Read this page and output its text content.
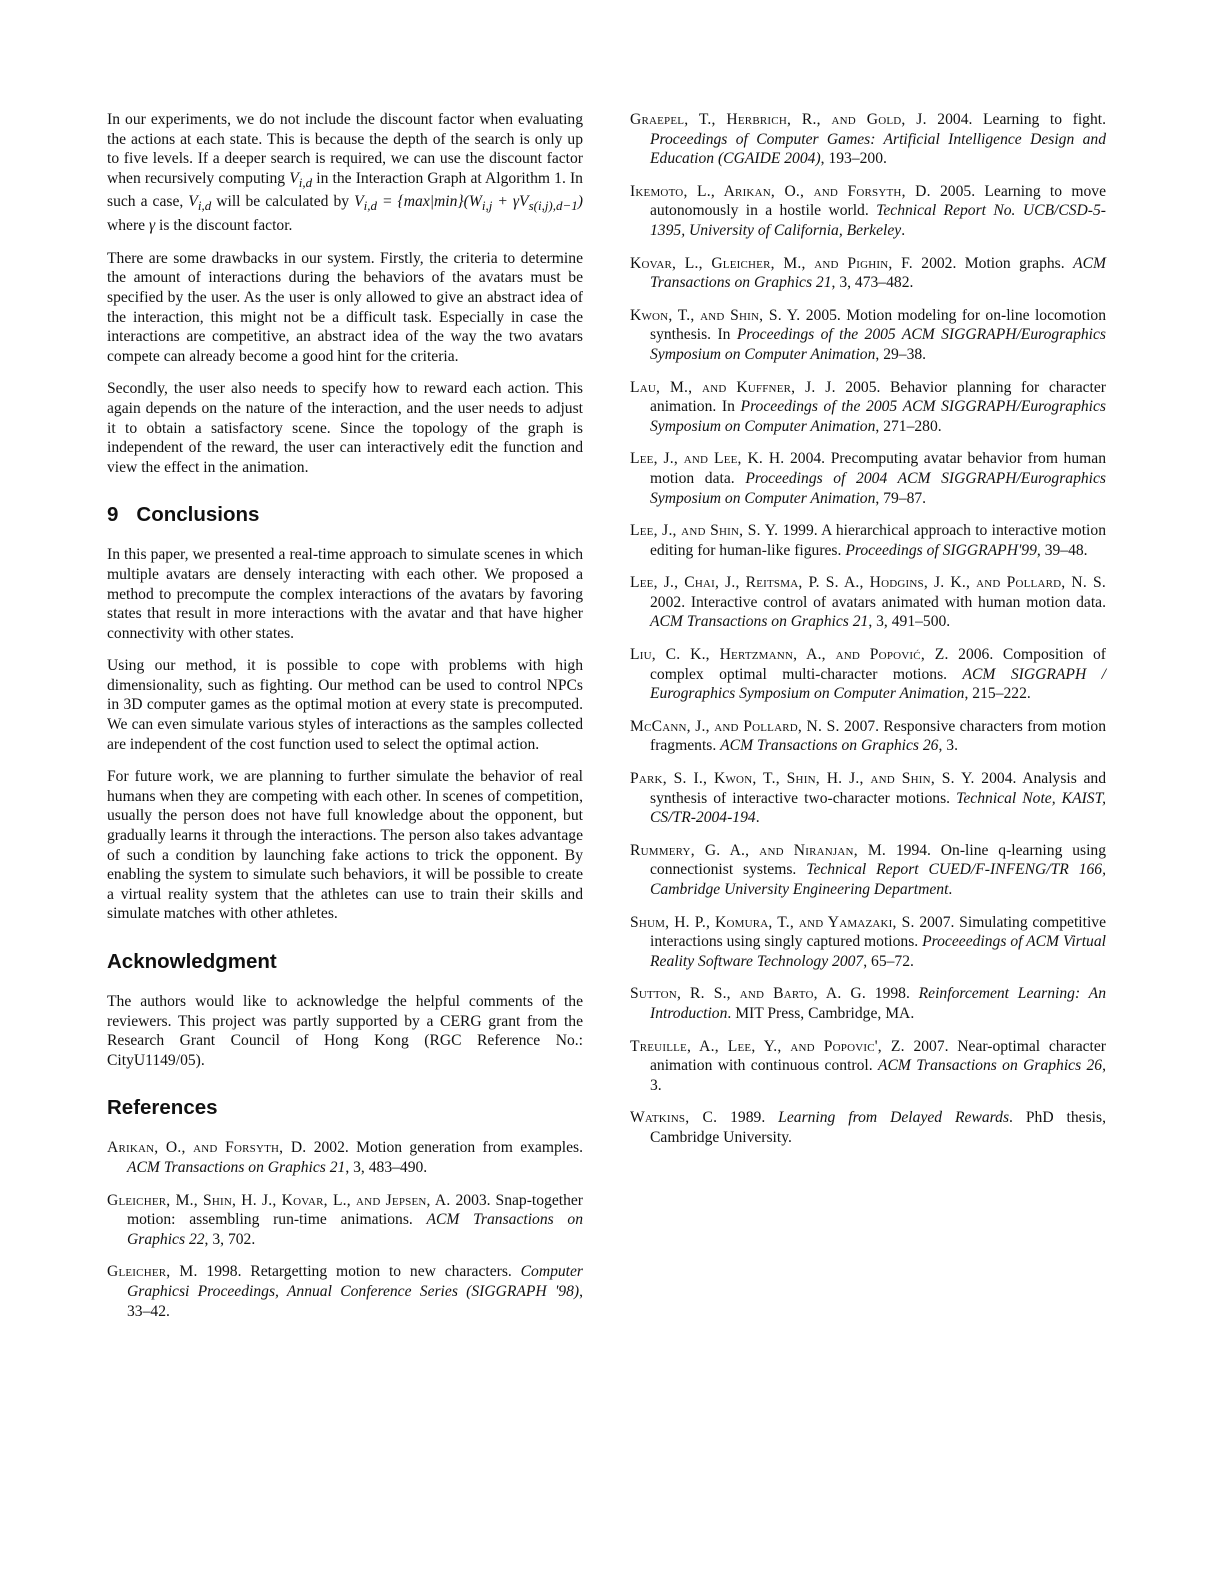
In our experiments, we do not include the discount factor when evaluating the actions at each state. This is because the depth of the search is only up to five levels. If a deeper search is required, we can use the discount factor when recursively computing $V_{i,d}$ in the Interaction Graph at Algorithm 1. In such a case, $V_{i,d}$ will be calculated by $V_{i,d} = \{\max|\min\}(W_{i,j} + \gamma V_{s(i,j),d-1})$ where γ is the discount factor.

There are some drawbacks in our system. Firstly, the criteria to determine the amount of interactions during the behaviors of the avatars must be specified by the user. As the user is only allowed to give an abstract idea of the interaction, this might not be a difficult task. Especially in case the interactions are competitive, an abstract idea of the way the two avatars compete can already become a good hint for the criteria.

Secondly, the user also needs to specify how to reward each action. This again depends on the nature of the interaction, and the user needs to adjust it to obtain a satisfactory scene. Since the topology of the graph is independent of the reward, the user can interactively edit the function and view the effect in the animation.

9 Conclusions

In this paper, we presented a real-time approach to simulate scenes in which multiple avatars are densely interacting with each other. We proposed a method to precompute the complex interactions of the avatars by favoring states that result in more interactions with the avatar and that have higher connectivity with other states.

Using our method, it is possible to cope with problems with high dimensionality, such as fighting. Our method can be used to control NPCs in 3D computer games as the optimal motion at every state is precomputed. We can even simulate various styles of interactions as the samples collected are independent of the cost function used to select the optimal action.

For future work, we are planning to further simulate the behavior of real humans when they are competing with each other. In scenes of competition, usually the person does not have full knowledge about the opponent, but gradually learns it through the interactions. The person also takes advantage of such a condition by launching fake actions to trick the opponent. By enabling the system to simulate such behaviors, it will be possible to create a virtual reality system that the athletes can use to train their skills and simulate matches with other athletes.

Acknowledgment

The authors would like to acknowledge the helpful comments of the reviewers. This project was partly supported by a CERG grant from the Research Grant Council of Hong Kong (RGC Reference No.: CityU1149/05).

References
Arikan, O., and Forsyth, D. 2002. Motion generation from examples. ACM Transactions on Graphics 21, 3, 483–490.
Gleicher, M., Shin, H. J., Kovar, L., and Jepsen, A. 2003. Snap-together motion: assembling run-time animations. ACM Transactions on Graphics 22, 3, 702.
Gleicher, M. 1998. Retargetting motion to new characters. Computer Graphicsi Proceedings, Annual Conference Series (SIGGRAPH '98), 33–42.
Graepel, T., Herbrich, R., and Gold, J. 2004. Learning to fight. Proceedings of Computer Games: Artificial Intelligence Design and Education (CGAIDE 2004), 193–200.
Ikemoto, L., Arikan, O., and Forsyth, D. 2005. Learning to move autonomously in a hostile world. Technical Report No. UCB/CSD-5-1395, University of California, Berkeley.
Kovar, L., Gleicher, M., and Pighin, F. 2002. Motion graphs. ACM Transactions on Graphics 21, 3, 473–482.
Kwon, T., and Shin, S. Y. 2005. Motion modeling for on-line locomotion synthesis. In Proceedings of the 2005 ACM SIGGRAPH/Eurographics Symposium on Computer Animation, 29–38.
Lau, M., and Kuffner, J. J. 2005. Behavior planning for character animation. In Proceedings of the 2005 ACM SIGGRAPH/Eurographics Symposium on Computer Animation, 271–280.
Lee, J., and Lee, K. H. 2004. Precomputing avatar behavior from human motion data. Proceedings of 2004 ACM SIGGRAPH/Eurographics Symposium on Computer Animation, 79–87.
Lee, J., and Shin, S. Y. 1999. A hierarchical approach to interactive motion editing for human-like figures. Proceedings of SIGGRAPH'99, 39–48.
Lee, J., Chai, J., Reitsma, P. S. A., Hodgins, J. K., and Pollard, N. S. 2002. Interactive control of avatars animated with human motion data. ACM Transactions on Graphics 21, 3, 491–500.
Liu, C. K., Hertzmann, A., and Popović, Z. 2006. Composition of complex optimal multi-character motions. ACM SIGGRAPH / Eurographics Symposium on Computer Animation, 215–222.
McCann, J., and Pollard, N. S. 2007. Responsive characters from motion fragments. ACM Transactions on Graphics 26, 3.
Park, S. I., Kwon, T., Shin, H. J., and Shin, S. Y. 2004. Analysis and synthesis of interactive two-character motions. Technical Note, KAIST, CS/TR-2004-194.
Rummery, G. A., and Niranjan, M. 1994. On-line q-learning using connectionist systems. Technical Report CUED/F-INFENG/TR 166, Cambridge University Engineering Department.
Shum, H. P., Komura, T., and Yamazaki, S. 2007. Simulating competitive interactions using singly captured motions. Proceeedings of ACM Virtual Reality Software Technology 2007, 65–72.
Sutton, R. S., and Barto, A. G. 1998. Reinforcement Learning: An Introduction. MIT Press, Cambridge, MA.
Treuille, A., Lee, Y., and Popovic', Z. 2007. Near-optimal character animation with continuous control. ACM Transactions on Graphics 26, 3.
Watkins, C. 1989. Learning from Delayed Rewards. PhD thesis, Cambridge University.
